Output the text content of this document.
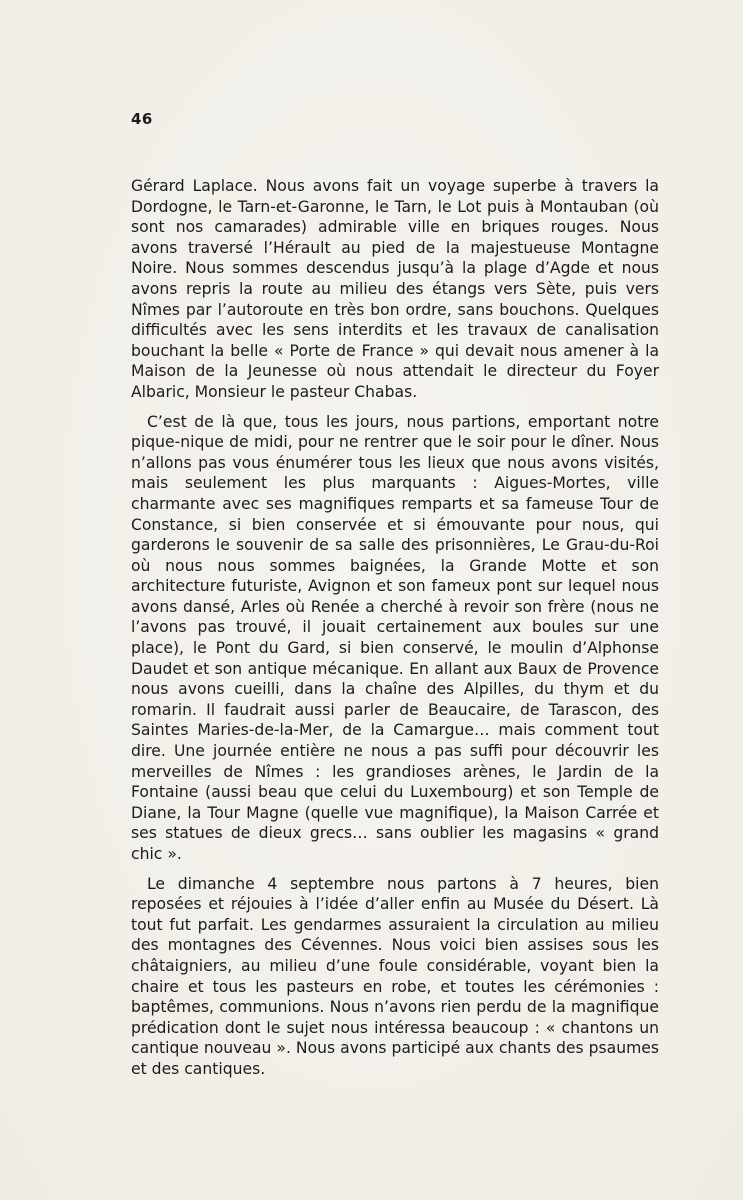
46

Gérard Laplace. Nous avons fait un voyage superbe à travers la Dordogne, le Tarn-et-Garonne, le Tarn, le Lot puis à Montauban (où sont nos camarades) admirable ville en briques rouges. Nous avons traversé l’Hérault au pied de la majestueuse Montagne Noire. Nous sommes descendus jusqu’à la plage d’Agde et nous avons repris la route au milieu des étangs vers Sète, puis vers Nîmes par l’autoroute en très bon ordre, sans bouchons. Quelques difficultés avec les sens interdits et les travaux de canalisation bouchant la belle « Porte de France » qui devait nous amener à la Maison de la Jeunesse où nous attendait le directeur du Foyer Albaric, Monsieur le pasteur Chabas.

C’est de là que, tous les jours, nous partions, emportant notre pique-nique de midi, pour ne rentrer que le soir pour le dîner. Nous n’allons pas vous énumérer tous les lieux que nous avons visités, mais seulement les plus marquants : Aigues-Mortes, ville charmante avec ses magnifiques remparts et sa fameuse Tour de Constance, si bien conservée et si émouvante pour nous, qui garderons le souvenir de sa salle des prisonnières, Le Grau-du-Roi où nous nous sommes baignées, la Grande Motte et son architecture futuriste, Avignon et son fameux pont sur lequel nous avons dansé, Arles où Renée a cherché à revoir son frère (nous ne l’avons pas trouvé, il jouait certainement aux boules sur une place), le Pont du Gard, si bien conservé, le moulin d’Alphonse Daudet et son antique mécanique. En allant aux Baux de Provence nous avons cueilli, dans la chaîne des Alpilles, du thym et du romarin. Il faudrait aussi parler de Beaucaire, de Tarascon, des Saintes Maries-de-la-Mer, de la Camargue… mais comment tout dire. Une journée entière ne nous a pas suffi pour découvrir les merveilles de Nîmes : les grandioses arènes, le Jardin de la Fontaine (aussi beau que celui du Luxembourg) et son Temple de Diane, la Tour Magne (quelle vue magnifique), la Maison Carrée et ses statues de dieux grecs… sans oublier les magasins « grand chic ».

Le dimanche 4 septembre nous partons à 7 heures, bien reposées et réjouies à l’idée d’aller enfin au Musée du Désert. Là tout fut parfait. Les gendarmes assuraient la circulation au milieu des montagnes des Cévennes. Nous voici bien assises sous les châtaigniers, au milieu d’une foule considérable, voyant bien la chaire et tous les pasteurs en robe, et toutes les cérémonies : baptêmes, communions. Nous n’avons rien perdu de la magnifique prédication dont le sujet nous intéressa beaucoup : « chantons un cantique nouveau ». Nous avons participé aux chants des psaumes et des cantiques.
